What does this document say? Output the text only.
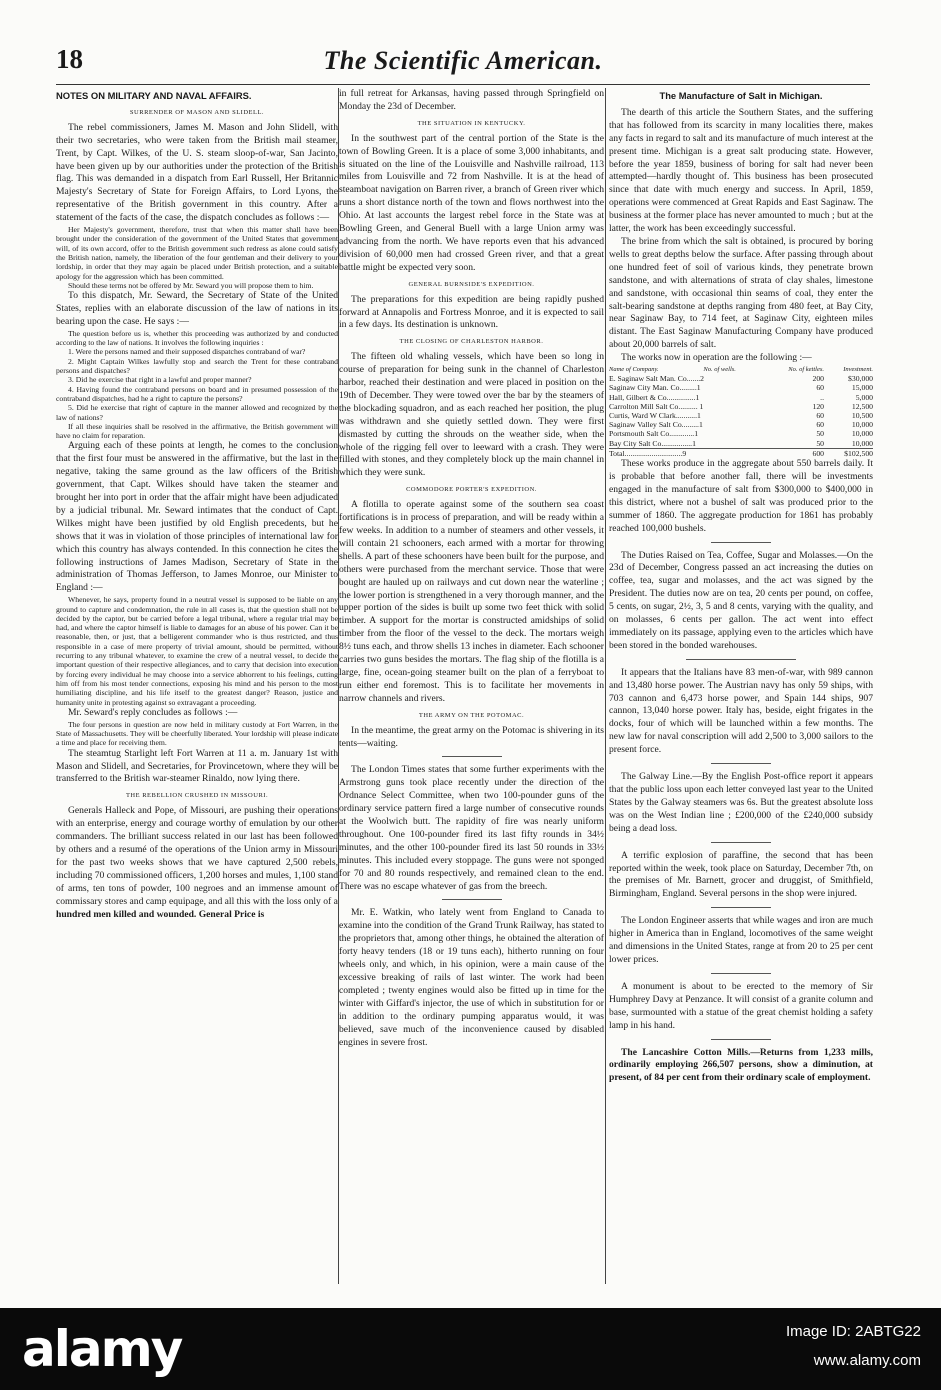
18	The Scientific American.

NOTES ON MILITARY AND NAVAL AFFAIRS.

SURRENDER OF MASON AND SLIDELL.

The rebel commissioners, James M. Mason and John Slidell, with their two secretaries, who were taken from the British mail steamer, Trent, by Capt. Wilkes, of the U. S. steam sloop-of-war, San Jacinto, have been given up by our authorities under the protection of the British flag. This was demanded in a dispatch from Earl Russell, Her Britannic Majesty's Secretary of State for Foreign Affairs, to Lord Lyons, the representative of the British government in this country. After a statement of the facts of the case, the dispatch concludes as follows :—

Her Majesty's government, therefore, trust that when this matter shall have been brought under the consideration of the government of the United States that government will, of its own accord, offer to the British government such redress as alone could satisfy the British nation, namely, the liberation of the four gentleman and their delivery to your lordship, in order that they may again be placed under British protection, and a suitable apology for the aggression which has been committed.

Should these terms not be offered by Mr. Seward you will propose them to him.

To this dispatch, Mr. Seward, the Secretary of State of the United States, replies with an elaborate discussion of the law of nations in its bearing upon the case. He says :—

The question before us is, whether this proceeding was authorized by and conducted according to the law of nations. It involves the following inquiries :

1. Were the persons named and their supposed dispatches contraband of war?

2. Might Captain Wilkes lawfully stop and search the Trent for these contraband persons and dispatches?

3. Did he exercise that right in a lawful and proper manner?

4. Having found the contraband persons on board and in presumed possession of the contraband dispatches, had he a right to capture the persons?

5. Did he exercise that right of capture in the manner allowed and recognized by the law of nations?

If all these inquiries shall be resolved in the affirmative, the British government will have no claim for reparation.

Arguing each of these points at length, he comes to the conclusion that the first four must be answered in the affirmative, but the last in the negative, taking the same ground as the law officers of the British government, that Capt. Wilkes should have taken the steamer and brought her into port in order that the affair might have been adjudicated by a judicial tribunal. Mr. Seward intimates that the conduct of Capt. Wilkes might have been justified by old English precedents, but he shows that it was in violation of those principles of international law for which this country has always contended. In this connection he cites the following instructions of James Madison, Secretary of State in the administration of Thomas Jefferson, to James Monroe, our Minister to England :—

Whenever, he says, property found in a neutral vessel is supposed to be liable on any ground to capture and condemnation, the rule in all cases is, that the question shall not be decided by the captor, but be carried before a legal tribunal, where a regular trial may be had, and where the captor himself is liable to damages for an abuse of his power. Can it be reasonable, then, or just, that a belligerent commander who is thus restricted, and thus responsible in a case of mere property of trivial amount, should be permitted, without recurring to any tribunal whatever, to examine the crew of a neutral vessel, to decide the important question of their respective allegiances, and to carry that decision into execution by forcing every individual he may choose into a service abhorrent to his feelings, cutting him off from his most tender connections, exposing his mind and his person to the most humiliating discipline, and his life itself to the greatest danger? Reason, justice and humanity unite in protesting against so extravagant a proceeding.

Mr. Seward's reply concludes as follows :—

The four persons in question are now held in military custody at Fort Warren, in the State of Massachusetts. They will be cheerfully liberated. Your lordship will please indicate a time and place for receiving them.

The steamtug Starlight left Fort Warren at 11 a. m. January 1st with Mason and Slidell, and Secretaries, for Provincetown, where they will be transferred to the British war-steamer Rinaldo, now lying there.

THE REBELLION CRUSHED IN MISSOURI.

Generals Halleck and Pope, of Missouri, are pushing their operations with an enterprise, energy and courage worthy of emulation by our other commanders. The brilliant success related in our last has been followed by others and a resumé of the operations of the Union army in Missouri for the past two weeks shows that we have captured 2,500 rebels, including 70 commissioned officers, 1,200 horses and mules, 1,100 stand of arms, ten tons of powder, 100 negroes and an immense amount of commissary stores and camp equipage, and all this with the loss only of a

hundred men killed and wounded. General Price is

in full retreat for Arkansas, having passed through Springfield on Monday the 23d of December.

THE SITUATION IN KENTUCKY.

In the southwest part of the central portion of the State is the town of Bowling Green. It is a place of some 3,000 inhabitants, and is situated on the line of the Louisville and Nashville railroad, 113 miles from Louisville and 72 from Nashville. It is at the head of steamboat navigation on Barren river, a branch of Green river which runs a short distance north of the town and flows northwest into the Ohio. At last accounts the largest rebel force in the State was at Bowling Green, and General Buell with a large Union army was advancing from the north. We have reports even that his advanced division of 60,000 men had crossed Green river, and that a great battle might be expected very soon.

GENERAL BURNSIDE'S EXPEDITION.

The preparations for this expedition are being rapidly pushed forward at Annapolis and Fortress Monroe, and it is expected to sail in a few days. Its destination is unknown.

THE CLOSING OF CHARLESTON HARBOR.

The fifteen old whaling vessels, which have been so long in course of preparation for being sunk in the channel of Charleston harbor, reached their destination and were placed in position on the 19th of December. They were towed over the bar by the steamers of the blockading squadron, and as each reached her position, the plug was withdrawn and she quietly settled down. They were first dismasted by cutting the shrouds on the weather side, when the whole of the rigging fell over to leeward with a crash. They were filled with stones, and they completely block up the main channel in which they were sunk.

COMMODORE PORTER'S EXPEDITION.

A flotilla to operate against some of the southern sea coast fortifications is in process of preparation, and will be ready within a few weeks. In addition to a number of steamers and other vessels, it will contain 21 schooners, each armed with a mortar for throwing shells. A part of these schooners have been built for the purpose, and others were purchased from the merchant service. Those that were bought are hauled up on railways and cut down near the waterline ; the lower portion is strengthened in a very thorough manner, and the upper portion of the sides is built up some two feet thick with solid timber. A support for the mortar is constructed amidships of solid timber from the floor of the vessel to the deck. The mortars weigh 8½ tuns each, and throw shells 13 inches in diameter. Each schooner carries two guns besides the mortars. The flag ship of the flotilla is a large, fine, ocean-going steamer built on the plan of a ferryboat to run either end foremost. This is to facilitate her movements in narrow channels and rivers.

THE ARMY ON THE POTOMAC.

In the meantime, the great army on the Potomac is shivering in its tents—waiting.

The London Times states that some further experiments with the Armstrong guns took place recently under the direction of the Ordnance Select Committee, when two 100-pounder guns of the ordinary service pattern fired a large number of consecutive rounds at the Woolwich butt. The rapidity of fire was nearly uniform throughout. One 100-pounder fired its last fifty rounds in 34½ minutes, and the other 100-pounder fired its last 50 rounds in 33½ minutes. This included every stoppage. The guns were not sponged for 70 and 80 rounds respectively, and remained clean to the end. There was no escape whatever of gas from the breech.

Mr. E. Watkin, who lately went from England to Canada to examine into the condition of the Grand Trunk Railway, has stated to the proprietors that, among other things, he obtained the alteration of forty heavy tenders (18 or 19 tuns each), hitherto running on four wheels only, and which, in his opinion, were a main cause of the excessive breaking of rails of last winter. The work had been completed ; twenty engines would also be fitted up in time for the winter with Giffard's injector, the use of which in substitution for or in addition to the ordinary pumping apparatus would, it was believed, save much of the inconvenience caused by disabled engines in severe frost.

The Manufacture of Salt in Michigan.

The dearth of this article the Southern States, and the suffering that has followed from its scarcity in many localities there, makes any facts in regard to salt and its manufacture of much interest at the present time. Michigan is a great salt producing state. However, before the year 1859, business of boring for salt had never been attempted—hardly thought of. This business has been prosecuted since that date with much energy and success. In April, 1859, operations were commenced at Great Rapids and East Saginaw. The business at the former place has never amounted to much ; but at the latter, the work has been exceedingly successful.

The brine from which the salt is obtained, is procured by boring wells to great depths below the surface. After passing through about one hundred feet of soil of various kinds, they penetrate brown sandstone, and with alternations of strata of clay shales, limestone and sandstone, with occasional thin seams of coal, they enter the salt-bearing sandstone at depths ranging from 480 feet, at Bay City, near Saginaw Bay, to 714 feet, at Saginaw City, eighteen miles distant. The East Saginaw Manufacturing Company have produced about 20,000 barrels of salt.

The works now in operation are the following :—

Name of Company.	No. of wells.	No. of kettles.	Investment.
E. Saginaw Salt Man. Co.......2		200	$30,000
Saginaw City Man. Co.........1		60	15,000
Hall, Gilbert & Co...............1		..	5,000
Carrolton Mill Salt Co.......... 1		120	12,500
Curtis, Ward W Clark...........1		60	10,500
Saginaw Valley Salt Co.........1		60	10,000
Portsmouth Salt Co.............1		50	10,000
Bay City Salt Co................1		50	10,000
Total..............................9		600	$102,500

These works produce in the aggregate about 550 barrels daily. It is probable that before another fall, there will be investments engaged in the manufacture of salt from $300,000 to $400,000 in this district, where not a bushel of salt was produced prior to the summer of 1860. The aggregate production for 1861 has probably reached 100,000 bushels.

The Duties Raised on Tea, Coffee, Sugar and Molasses.—On the 23d of December, Congress passed an act increasing the duties on coffee, tea, sugar and molasses, and the act was signed by the President. The duties now are on tea, 20 cents per pound, on coffee, 5 cents, on sugar, 2½, 3, 5 and 8 cents, varying with the quality, and on molasses, 6 cents per gallon. The act went into effect immediately on its passage, applying even to the articles which have been stored in the bonded warehouses.

It appears that the Italians have 83 men-of-war, with 989 cannon and 13,480 horse power. The Austrian navy has only 59 ships, with 703 cannon and 6,473 horse power, and Spain 144 ships, 907 cannon, 13,040 horse power. Italy has, beside, eight frigates in the docks, four of which will be launched within a few months. The new law for naval conscription will add 2,500 to 3,000 sailors to the present force.

The Galway Line.—By the English Post-office report it appears that the public loss upon each letter conveyed last year to the United States by the Galway steamers was 6s. But the greatest absolute loss was on the West Indian line ; £200,000 of the £240,000 subsidy being a dead loss.

A terrific explosion of paraffine, the second that has been reported within the week, took place on Saturday, December 7th, on the premises of Mr. Barnett, grocer and druggist, of Smithfield, Birmingham, England. Several persons in the shop were injured.

The London Engineer asserts that while wages and iron are much higher in America than in England, locomotives of the same weight and dimensions in the United States, range at from 20 to 25 per cent lower prices.

A monument is about to be erected to the memory of Sir Humphrey Davy at Penzance. It will consist of a granite column and base, surmounted with a statue of the great chemist holding a safety lamp in his hand.

The Lancashire Cotton Mills.—Returns from 1,233 mills, ordinarily employing 266,507 persons, show a diminution, at present, of 84 per cent from their ordinary scale of employment.

alamy	Image ID: 2ABTG22
www.alamy.com
